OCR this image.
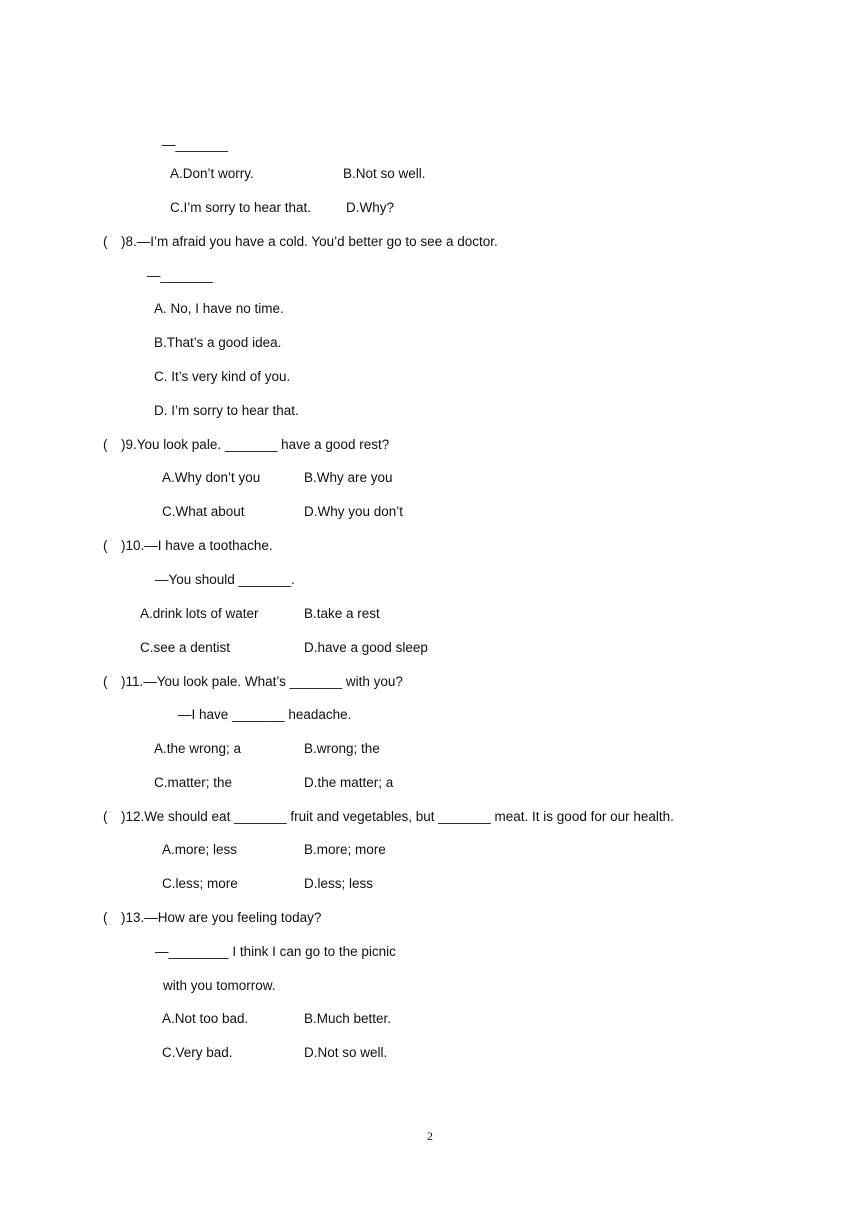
—_______
A.Don’t worry.	B.Not so well.
C.I’m sorry to hear that.	D.Why?
( )8.—I’m afraid you have a cold. You’d better go to see a doctor.
—_______
A. No, I have no time.
B.That’s a good idea.
C. It’s very kind of you.
D. I’m sorry to hear that.
( )9.You look pale. _______ have a good rest?
A.Why don’t you	B.Why are you
C.What about	D.Why you don’t
( )10.—I have a toothache.
—You should _______.
A.drink lots of water	B.take a rest
C.see a dentist	D.have a good sleep
( )11.—You look pale. What’s _______ with you?
—I have _______ headache.
A.the wrong; a	B.wrong; the
C.matter; the	D.the matter; a
( )12.We should eat _______ fruit and vegetables, but _______ meat. It is good for our health.
A.more; less	B.more; more
C.less; more	D.less; less
( )13.—How are you feeling today?
—________ I think I can go to the picnic
with you tomorrow.
A.Not too bad.	B.Much better.
C.Very bad.	D.Not so well.
2
